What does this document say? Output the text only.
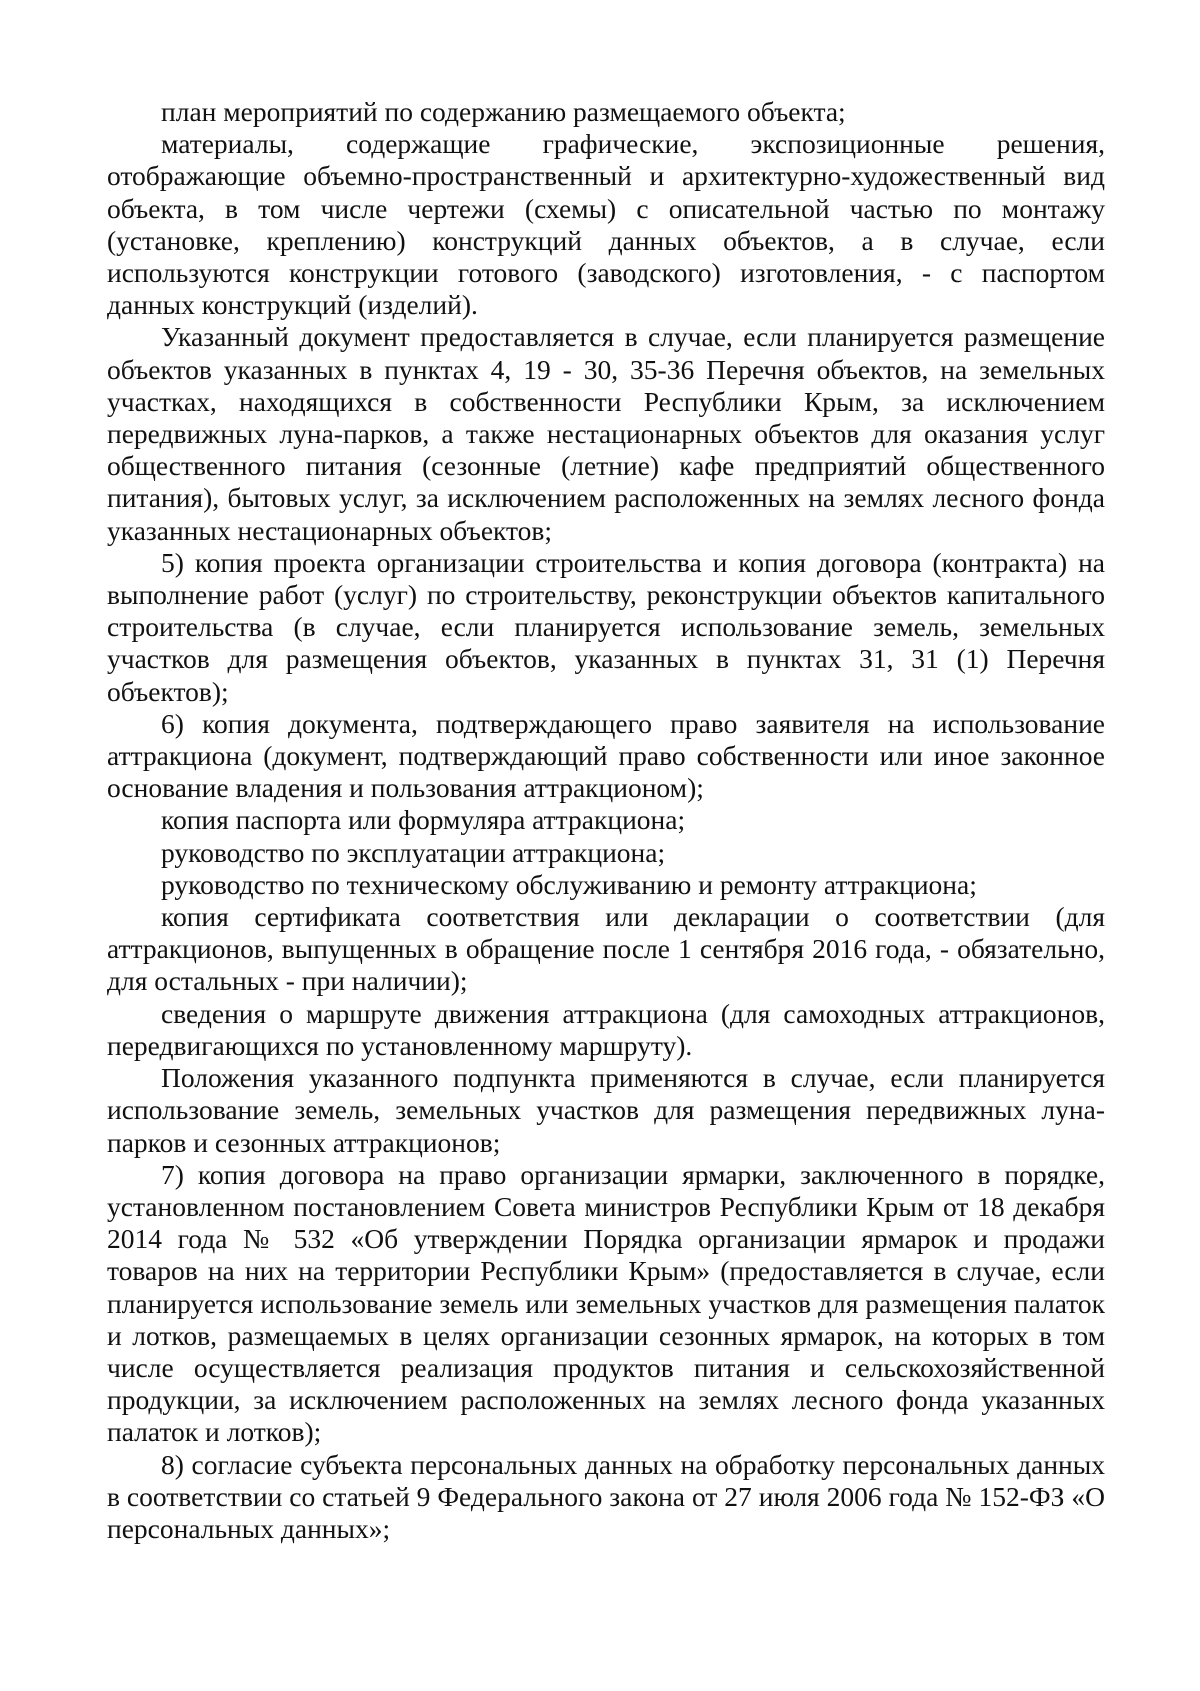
план мероприятий по содержанию размещаемого объекта;

материалы, содержащие графические, экспозиционные решения, отображающие объемно-пространственный и архитектурно-художественный вид объекта, в том числе чертежи (схемы) с описательной частью по монтажу (установке, креплению) конструкций данных объектов, а в случае, если используются конструкции готового (заводского) изготовления, - с паспортом данных конструкций (изделий).

Указанный документ предоставляется в случае, если планируется размещение объектов указанных в пунктах 4, 19 - 30, 35-36 Перечня объектов, на земельных участках, находящихся в собственности Республики Крым, за исключением передвижных луна-парков, а также нестационарных объектов для оказания услуг общественного питания (сезонные (летние) кафе предприятий общественного питания), бытовых услуг, за исключением расположенных на землях лесного фонда указанных нестационарных объектов;

5) копия проекта организации строительства и копия договора (контракта) на выполнение работ (услуг) по строительству, реконструкции объектов капитального строительства (в случае, если планируется использование земель, земельных участков для размещения объектов, указанных в пунктах 31, 31 (1) Перечня объектов);

6) копия документа, подтверждающего право заявителя на использование аттракциона (документ, подтверждающий право собственности или иное законное основание владения и пользования аттракционом);

копия паспорта или формуляра аттракциона;

руководство по эксплуатации аттракциона;

руководство по техническому обслуживанию и ремонту аттракциона;

копия сертификата соответствия или декларации о соответствии (для аттракционов, выпущенных в обращение после 1 сентября 2016 года, - обязательно, для остальных - при наличии);

сведения о маршруте движения аттракциона (для самоходных аттракционов, передвигающихся по установленному маршруту).

Положения указанного подпункта применяются в случае, если планируется использование земель, земельных участков для размещения передвижных луна-парков и сезонных аттракционов;

7) копия договора на право организации ярмарки, заключенного в порядке, установленном постановлением Совета министров Республики Крым от 18 декабря 2014 года № 532 «Об утверждении Порядка организации ярмарок и продажи товаров на них на территории Республики Крым» (предоставляется в случае, если планируется использование земель или земельных участков для размещения палаток и лотков, размещаемых в целях организации сезонных ярмарок, на которых в том числе осуществляется реализация продуктов питания и сельскохозяйственной продукции, за исключением расположенных на землях лесного фонда указанных палаток и лотков);

8) согласие субъекта персональных данных на обработку персональных данных в соответствии со статьей 9 Федерального закона от 27 июля 2006 года № 152-ФЗ «О персональных данных»;
